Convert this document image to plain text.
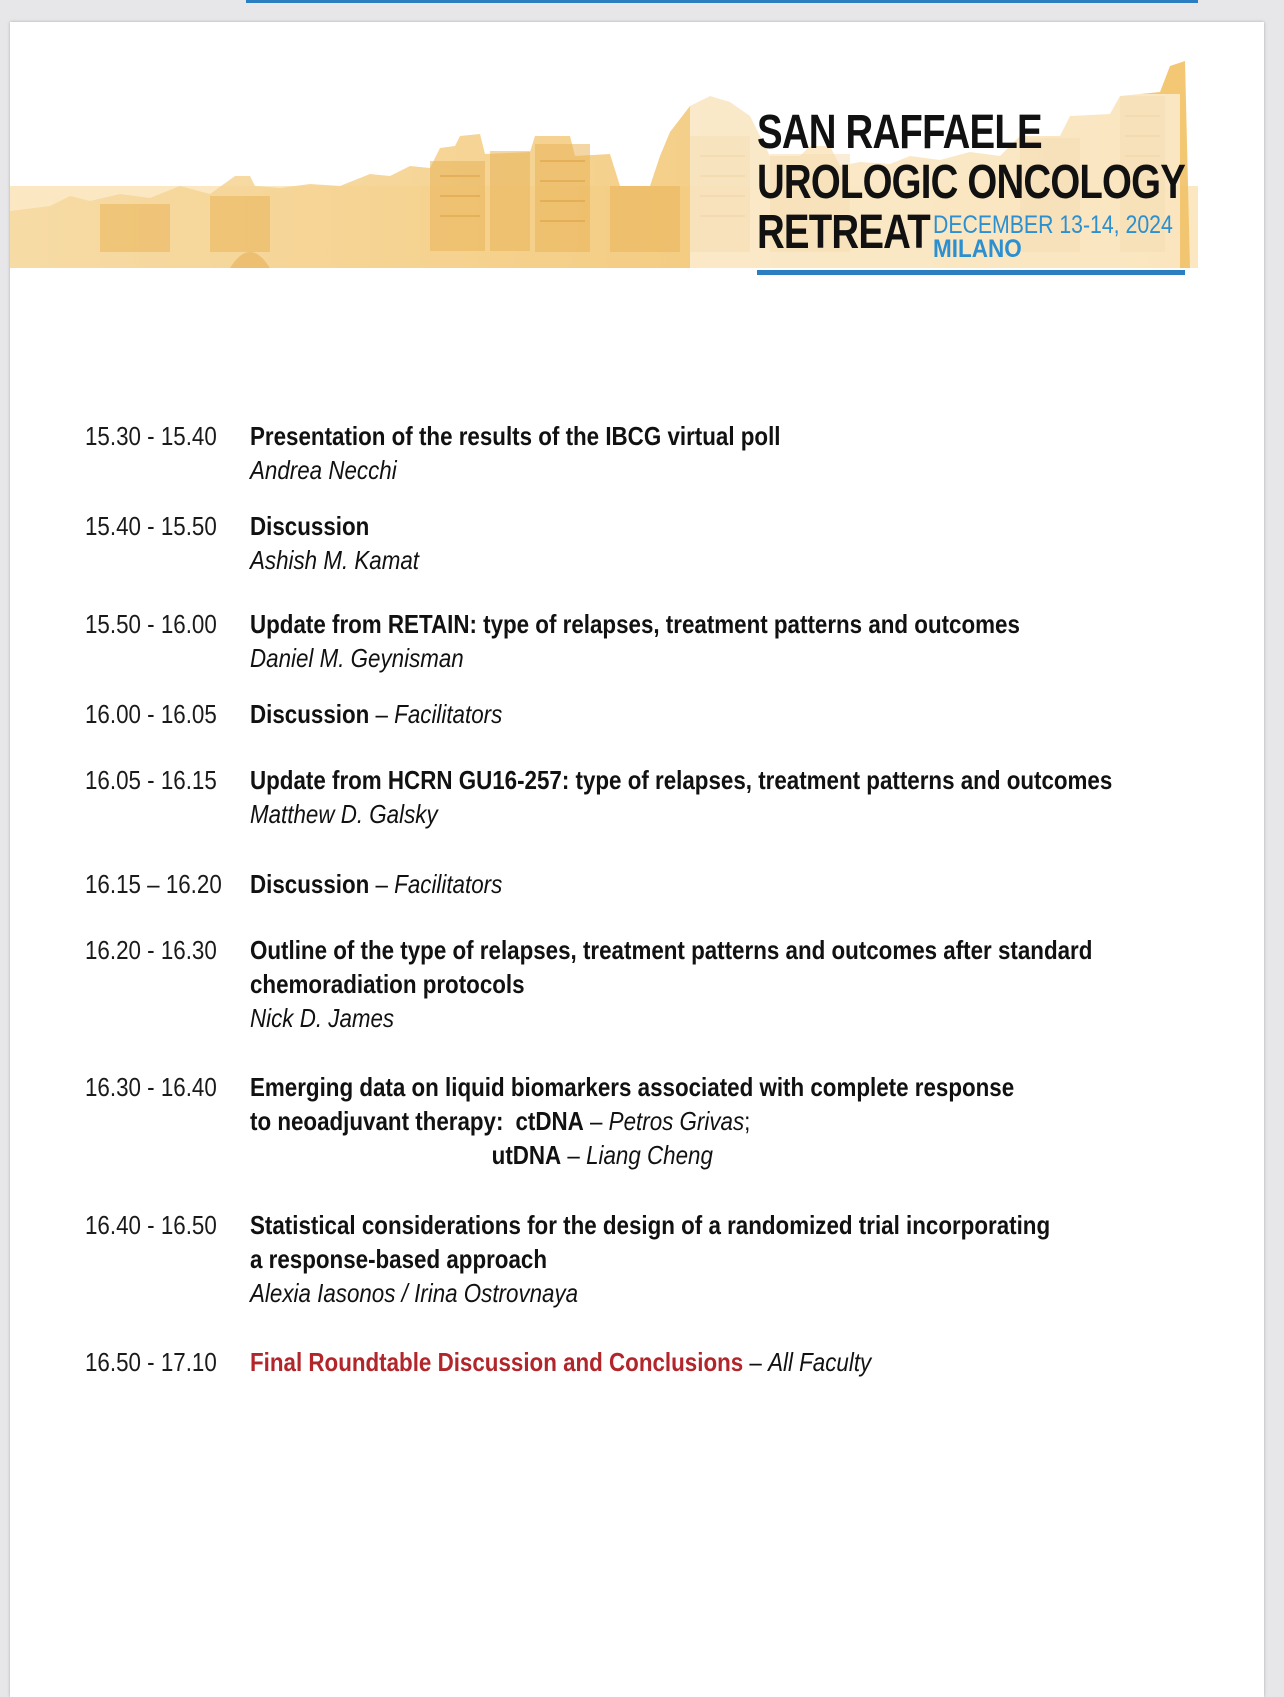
SAN RAFFAELE
UROLOGIC ONCOLOGY
RETREAT DECEMBER 13-14, 2024
MILANO
15.30 - 15.40 Presentation of the results of the IBCG virtual poll
Andrea Necchi
15.40 - 15.50 Discussion
Ashish M. Kamat
15.50 - 16.00 Update from RETAIN: type of relapses, treatment patterns and outcomes
Daniel M. Geynisman
16.00 - 16.05 Discussion – Facilitators
16.05 - 16.15 Update from HCRN GU16-257: type of relapses, treatment patterns and outcomes
Matthew D. Galsky
16.15 – 16.20 Discussion – Facilitators
16.20 - 16.30 Outline of the type of relapses, treatment patterns and outcomes after standard
chemoradiation protocols
Nick D. James
16.30 - 16.40 Emerging data on liquid biomarkers associated with complete response
to neoadjuvant therapy: ctDNA – Petros Grivas;
utDNA – Liang Cheng
16.40 - 16.50 Statistical considerations for the design of a randomized trial incorporating
a response-based approach
Alexia Iasonos / Irina Ostrovnaya
16.50 - 17.10 Final Roundtable Discussion and Conclusions – All Faculty
